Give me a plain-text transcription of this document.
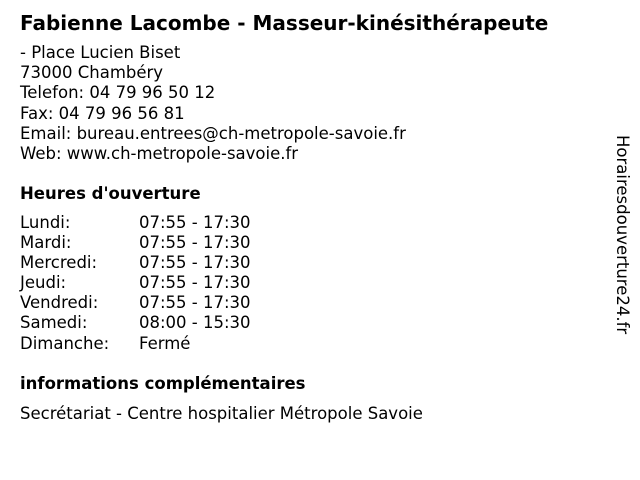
Fabienne Lacombe - Masseur-kinésithérapeute
- Place Lucien Biset
73000 Chambéry
Telefon: 04 79 96 50 12
Fax: 04 79 96 56 81
Email: bureau.entrees@ch-metropole-savoie.fr
Web: www.ch-metropole-savoie.fr
Heures d'ouverture
Lundi:	07:55 - 17:30
Mardi:	07:55 - 17:30
Mercredi:	07:55 - 17:30
Jeudi:	07:55 - 17:30
Vendredi:	07:55 - 17:30
Samedi:	08:00 - 15:30
Dimanche:	Fermé
informations complémentaires
Secrétariat - Centre hospitalier Métropole Savoie
Horairesdouverture24.fr
